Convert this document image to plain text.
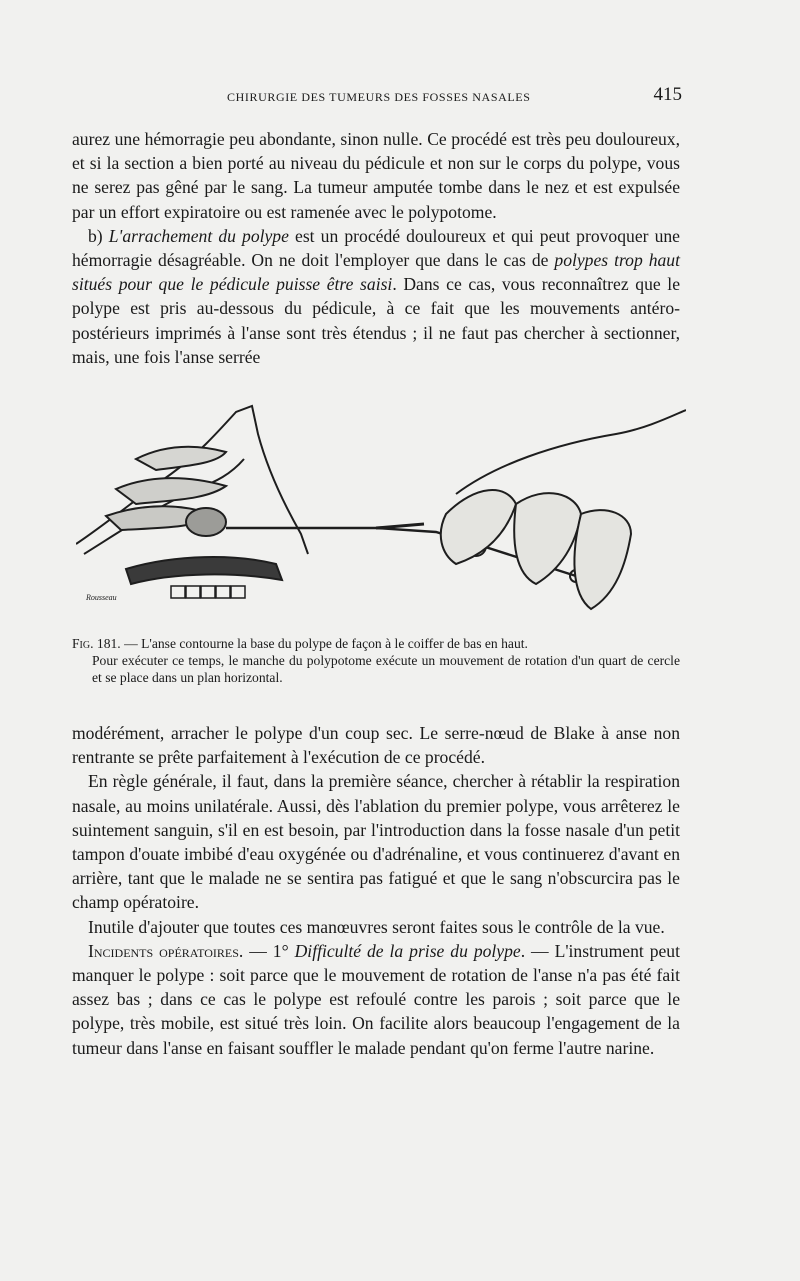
CHIRURGIE DES TUMEURS DES FOSSES NASALES	415

aurez une hémorragie peu abondante, sinon nulle. Ce procédé est très peu douloureux, et si la section a bien porté au niveau du pédicule et non sur le corps du polype, vous ne serez pas gêné par le sang. La tumeur amputée tombe dans le nez et est expulsée par un effort expiratoire ou est ramenée avec le polypotome.

b) L'arrachement du polype est un procédé douloureux et qui peut provoquer une hémorragie désagréable. On ne doit l'employer que dans le cas de polypes trop haut situés pour que le pédicule puisse être saisi. Dans ce cas, vous reconnaîtrez que le polype est pris au-dessous du pédicule, à ce fait que les mouvements antéro-postérieurs imprimés à l'anse sont très étendus ; il ne faut pas chercher à sectionner, mais, une fois l'anse serrée

Rousseau

Fig. 181. — L'anse contourne la base du polype de façon à le coiffer de bas en haut.

Pour exécuter ce temps, le manche du polypotome exécute un mouvement de rotation d'un quart de cercle et se place dans un plan horizontal.

modérément, arracher le polype d'un coup sec. Le serre-nœud de Blake à anse non rentrante se prête parfaitement à l'exécution de ce procédé.

En règle générale, il faut, dans la première séance, chercher à rétablir la respiration nasale, au moins unilatérale. Aussi, dès l'ablation du premier polype, vous arrêterez le suintement sanguin, s'il en est besoin, par l'introduction dans la fosse nasale d'un petit tampon d'ouate imbibé d'eau oxygénée ou d'adrénaline, et vous continuerez d'avant en arrière, tant que le malade ne se sentira pas fatigué et que le sang n'obscurcira pas le champ opératoire.

Inutile d'ajouter que toutes ces manœuvres seront faites sous le contrôle de la vue.

Incidents opératoires. — 1° Difficulté de la prise du polype. — L'instrument peut manquer le polype : soit parce que le mouvement de rotation de l'anse n'a pas été fait assez bas ; dans ce cas le polype est refoulé contre les parois ; soit parce que le polype, très mobile, est situé très loin. On facilite alors beaucoup l'engagement de la tumeur dans l'anse en faisant souffler le malade pendant qu'on ferme l'autre narine.
